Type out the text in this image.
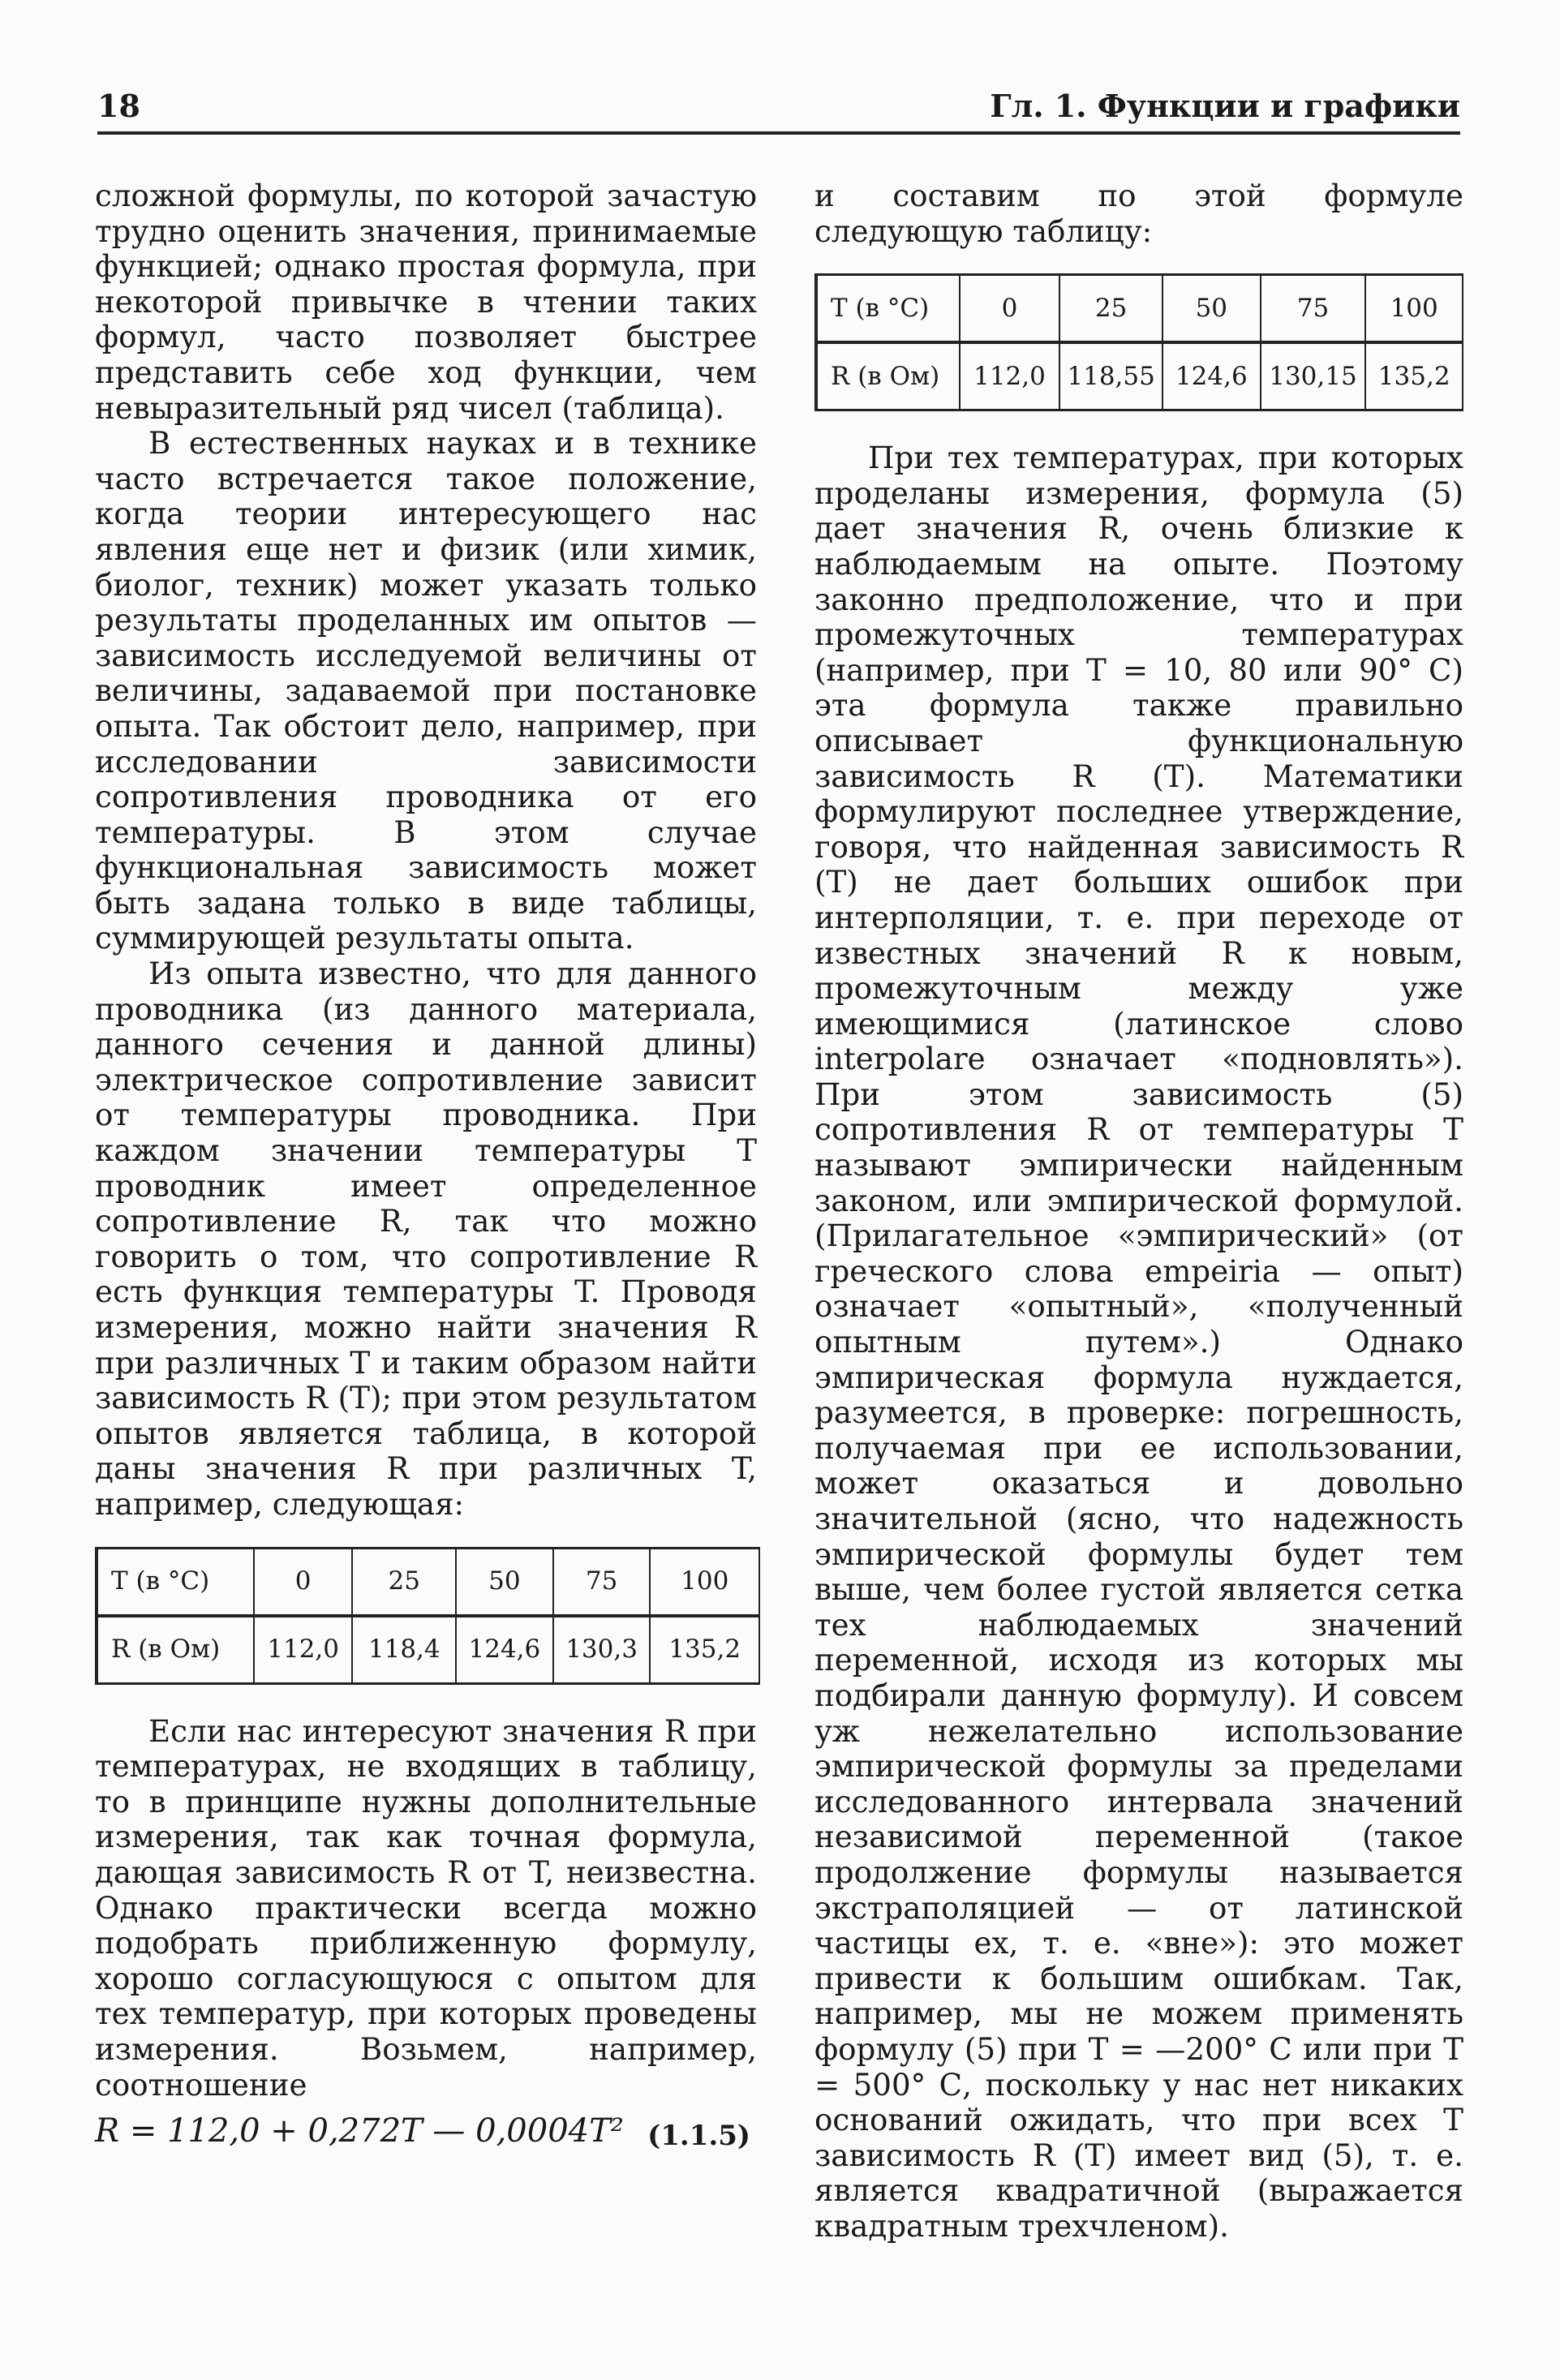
18	Гл. 1. Функции и графики

сложной формулы, по которой зачастую трудно оценить значения, принимаемые функцией; однако простая формула, при некоторой привычке в чтении таких формул, часто позволяет быстрее представить себе ход функции, чем невыразительный ряд чисел (таблица).

В естественных науках и в технике часто встречается такое положение, когда теории интересующего нас явления еще нет и физик (или химик, биолог, техник) может указать только результаты проделанных им опытов — зависимость исследуемой величины от величины, задаваемой при постановке опыта. Так обстоит дело, например, при исследовании зависимости сопротивления проводника от его температуры. В этом случае функциональная зависимость может быть задана только в виде таблицы, суммирующей результаты опыта.

Из опыта известно, что для данного проводника (из данного материала, данного сечения и данной длины) электрическое сопротивление зависит от температуры проводника. При каждом значении температуры T проводник имеет определенное сопротивление R, так что можно говорить о том, что сопротивление R есть функция температуры T. Проводя измерения, можно найти значения R при различных T и таким образом найти зависимость R (T); при этом результатом опытов является таблица, в которой даны значения R при различных T, например, следующая:

T (в °С)	0	25	50	75	100
R (в Ом)	112,0	118,4	124,6	130,3	135,2

Если нас интересуют значения R при температурах, не входящих в таблицу, то в принципе нужны дополнительные измерения, так как точная формула, дающая зависимость R от T, неизвестна. Однако практически всегда можно подобрать приближенную формулу, хорошо согласующуюся с опытом для тех температур, при которых проведены измерения. Возьмем, например, соотношение

R = 112,0 + 0,272T — 0,0004T² (1.1.5)

и составим по этой формуле следующую таблицу:

T (в °С)	0	25	50	75	100
R (в Ом)	112,0	118,55	124,6	130,15	135,2

При тех температурах, при которых проделаны измерения, формула (5) дает значения R, очень близкие к наблюдаемым на опыте. Поэтому законно предположение, что и при промежуточных температурах (например, при T = 10, 80 или 90° С) эта формула также правильно описывает функциональную зависимость R (T). Математики формулируют последнее утверждение, говоря, что найденная зависимость R (T) не дает больших ошибок при интерполяции, т. е. при переходе от известных значений R к новым, промежуточным между уже имеющимися (латинское слово interpolare означает «подновлять»). При этом зависимость (5) сопротивления R от температуры T называют эмпирически найденным законом, или эмпирической формулой. (Прилагательное «эмпирический» (от греческого слова empeiria — опыт) означает «опытный», «полученный опытным путем».) Однако эмпирическая формула нуждается, разумеется, в проверке: погрешность, получаемая при ее использовании, может оказаться и довольно значительной (ясно, что надежность эмпирической формулы будет тем выше, чем более густой является сетка тех наблюдаемых значений переменной, исходя из которых мы подбирали данную формулу). И совсем уж нежелательно использование эмпирической формулы за пределами исследованного интервала значений независимой переменной (такое продолжение формулы называется экстраполяцией — от латинской частицы ex, т. е. «вне»): это может привести к большим ошибкам. Так, например, мы не можем применять формулу (5) при T = —200° С или при T = 500° С, поскольку у нас нет никаких оснований ожидать, что при всех T зависимость R (T) имеет вид (5), т. е. является квадратичной (выражается квадратным трехчленом).
